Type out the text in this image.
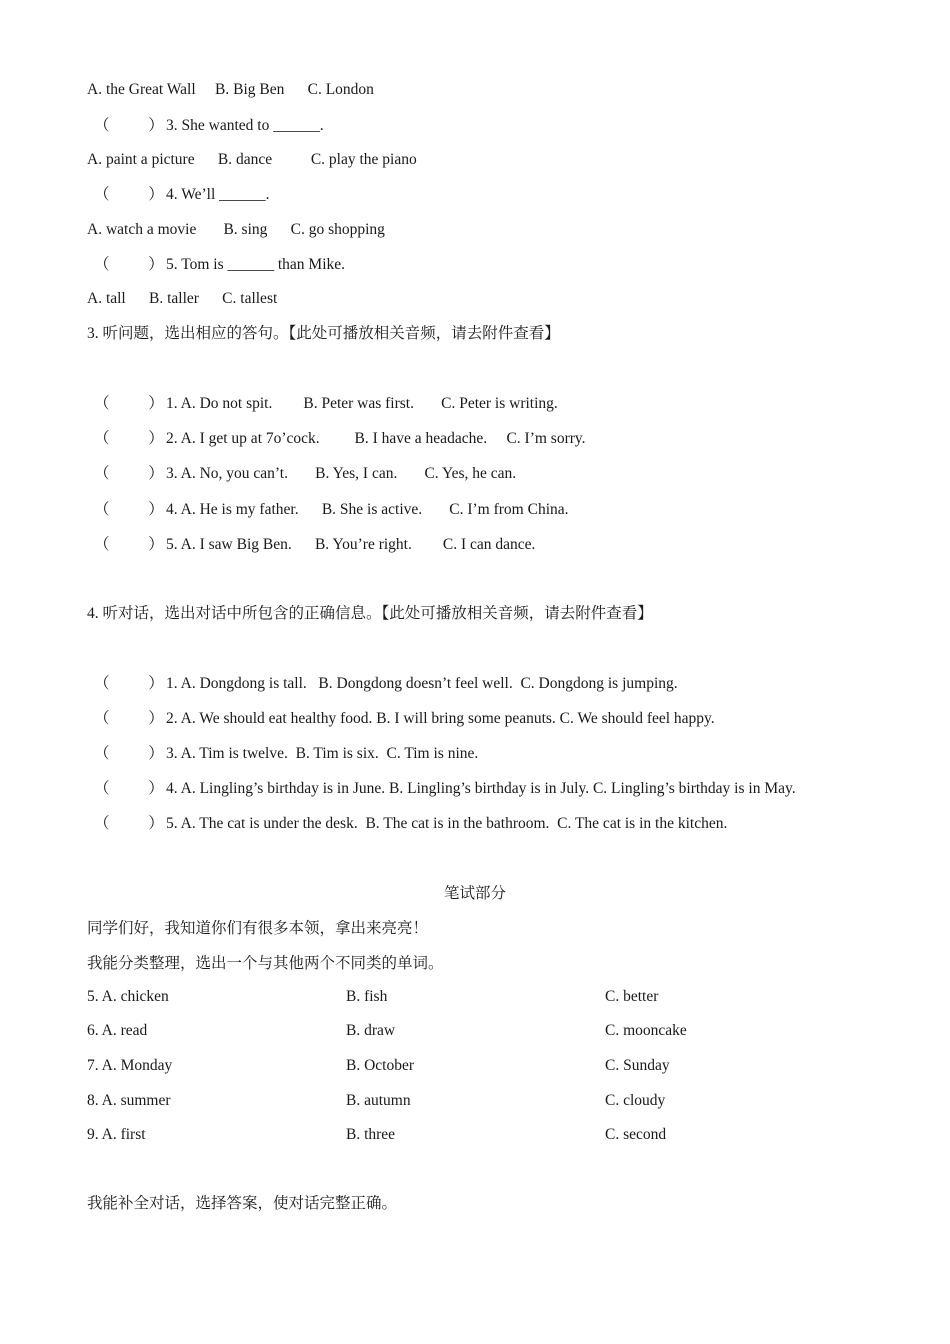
A. the Great Wall     B. Big Ben      C. London
（          ） 3. She wanted to ______.
A. paint a picture      B. dance          C. play the piano
（          ） 4. We’ll ______.
A. watch a movie       B. sing      C. go shopping
（          ） 5. Tom is ______ than Mike.
A. tall      B. taller      C. tallest
3. 听问题，选出相应的答句。【此处可播放相关音频，请去附件查看】
（          ） 1. A. Do not spit.        B. Peter was first.       C. Peter is writing.
（          ） 2. A. I get up at 7o’cock.         B. I have a headache.     C. I’m sorry.
（          ） 3. A. No, you can’t.       B. Yes, I can.       C. Yes, he can.
（          ） 4. A. He is my father.      B. She is active.       C. I’m from China.
（          ） 5. A. I saw Big Ben.      B. You’re right.        C. I can dance.
4. 听对话，选出对话中所包含的正确信息。【此处可播放相关音频，请去附件查看】
（          ） 1. A. Dongdong is tall.   B. Dongdong doesn’t feel well.  C. Dongdong is jumping.
（          ） 2. A. We should eat healthy food. B. I will bring some peanuts. C. We should feel happy.
（          ） 3. A. Tim is twelve.  B. Tim is six.  C. Tim is nine.
（          ） 4. A. Lingling’s birthday is in June. B. Lingling’s birthday is in July. C. Lingling’s birthday is in May.
（          ） 5. A. The cat is under the desk.  B. The cat is in the bathroom.  C. The cat is in the kitchen.
笔试部分
同学们好，我知道你们有很多本领，拿出来亮亮！
我能分类整理，选出一个与其他两个不同类的单词。
5. A. chicken	B. fish	C. better
6. A. read	B. draw	C. mooncake
7. A. Monday	B. October	C. Sunday
8. A. summer	B. autumn	C. cloudy
9. A. first	B. three	C. second
我能补全对话，选择答案，使对话完整正确。
